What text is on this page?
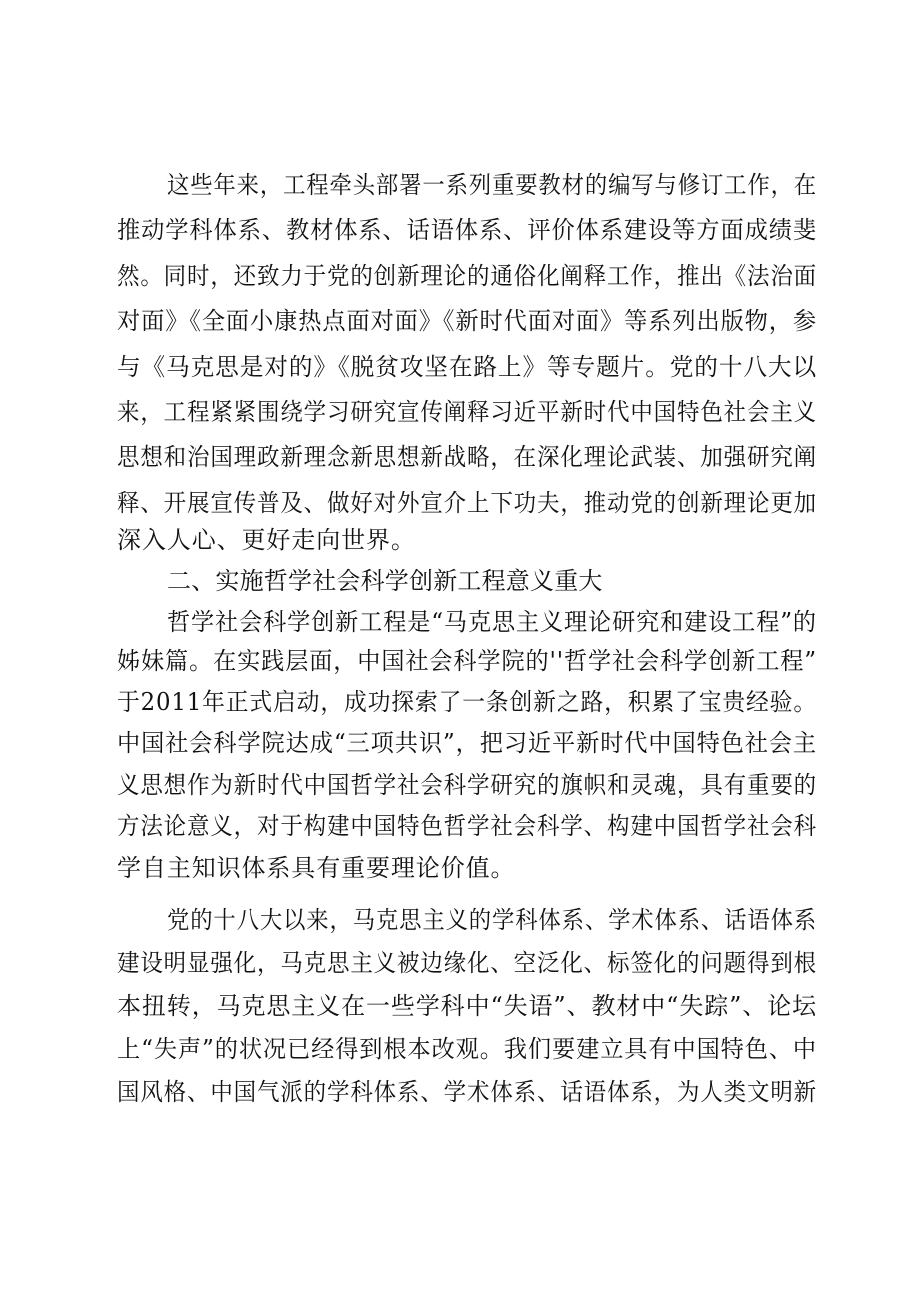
这些年来，工程牵头部署一系列重要教材的编写与修订工作，在
推动学科体系、教材体系、话语体系、评价体系建设等方面成绩斐
然。同时，还致力于党的创新理论的通俗化阐释工作，推出《法治面
对面》《全面小康热点面对面》《新时代面对面》等系列出版物，参
与《马克思是对的》《脱贫攻坚在路上》等专题片。党的十八大以
来，工程紧紧围绕学习研究宣传阐释习近平新时代中国特色社会主义
思想和治国理政新理念新思想新战略，在深化理论武装、加强研究阐
释、开展宣传普及、做好对外宣介上下功夫，推动党的创新理论更加
深入人心、更好走向世界。
二、实施哲学社会科学创新工程意义重大
哲学社会科学创新工程是“马克思主义理论研究和建设工程”的
姊妹篇。在实践层面，中国社会科学院的''哲学社会科学创新工程”
于2011年正式启动，成功探索了一条创新之路，积累了宝贵经验。
中国社会科学院达成“三项共识”，把习近平新时代中国特色社会主
义思想作为新时代中国哲学社会科学研究的旗帜和灵魂，具有重要的
方法论意义，对于构建中国特色哲学社会科学、构建中国哲学社会科
学自主知识体系具有重要理论价值。
党的十八大以来，马克思主义的学科体系、学术体系、话语体系
建设明显强化，马克思主义被边缘化、空泛化、标签化的问题得到根
本扭转，马克思主义在一些学科中“失语”、教材中“失踪”、论坛
上“失声”的状况已经得到根本改观。我们要建立具有中国特色、中
国风格、中国气派的学科体系、学术体系、话语体系，为人类文明新
